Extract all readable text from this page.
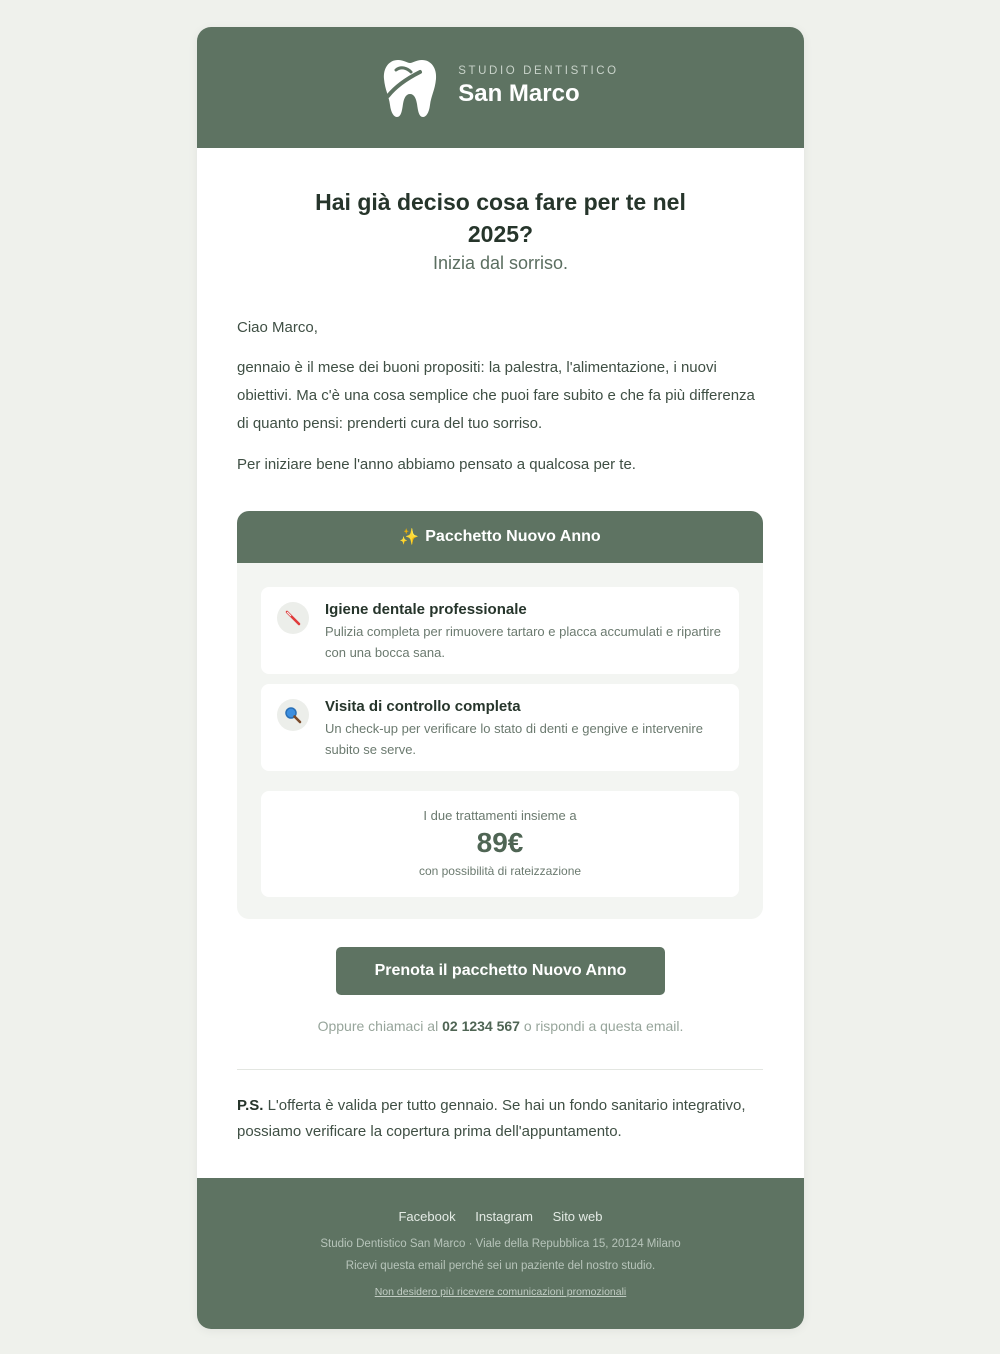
STUDIO DENTISTICO
San Marco
Hai già deciso cosa fare per te nel 2025?
Inizia dal sorriso.
Ciao Marco,
gennaio è il mese dei buoni propositi: la palestra, l'alimentazione, i nuovi obiettivi. Ma c'è una cosa semplice che puoi fare subito e che fa più differenza di quanto pensi: prenderti cura del tuo sorriso.
Per iniziare bene l'anno abbiamo pensato a qualcosa per te.
✨ Pacchetto Nuovo Anno
Igiene dentale professionale
Pulizia completa per rimuovere tartaro e placca accumulati e ripartire con una bocca sana.
Visita di controllo completa
Un check-up per verificare lo stato di denti e gengive e intervenire subito se serve.
I due trattamenti insieme a
89€
con possibilità di rateizzazione
Prenota il pacchetto Nuovo Anno
Oppure chiamaci al 02 1234 567 o rispondi a questa email.
P.S. L'offerta è valida per tutto gennaio. Se hai un fondo sanitario integrativo, possiamo verificare la copertura prima dell'appuntamento.
Facebook Instagram Sito web
Studio Dentistico San Marco · Viale della Repubblica 15, 20124 Milano
Ricevi questa email perché sei un paziente del nostro studio.
Non desidero più ricevere comunicazioni promozionali
